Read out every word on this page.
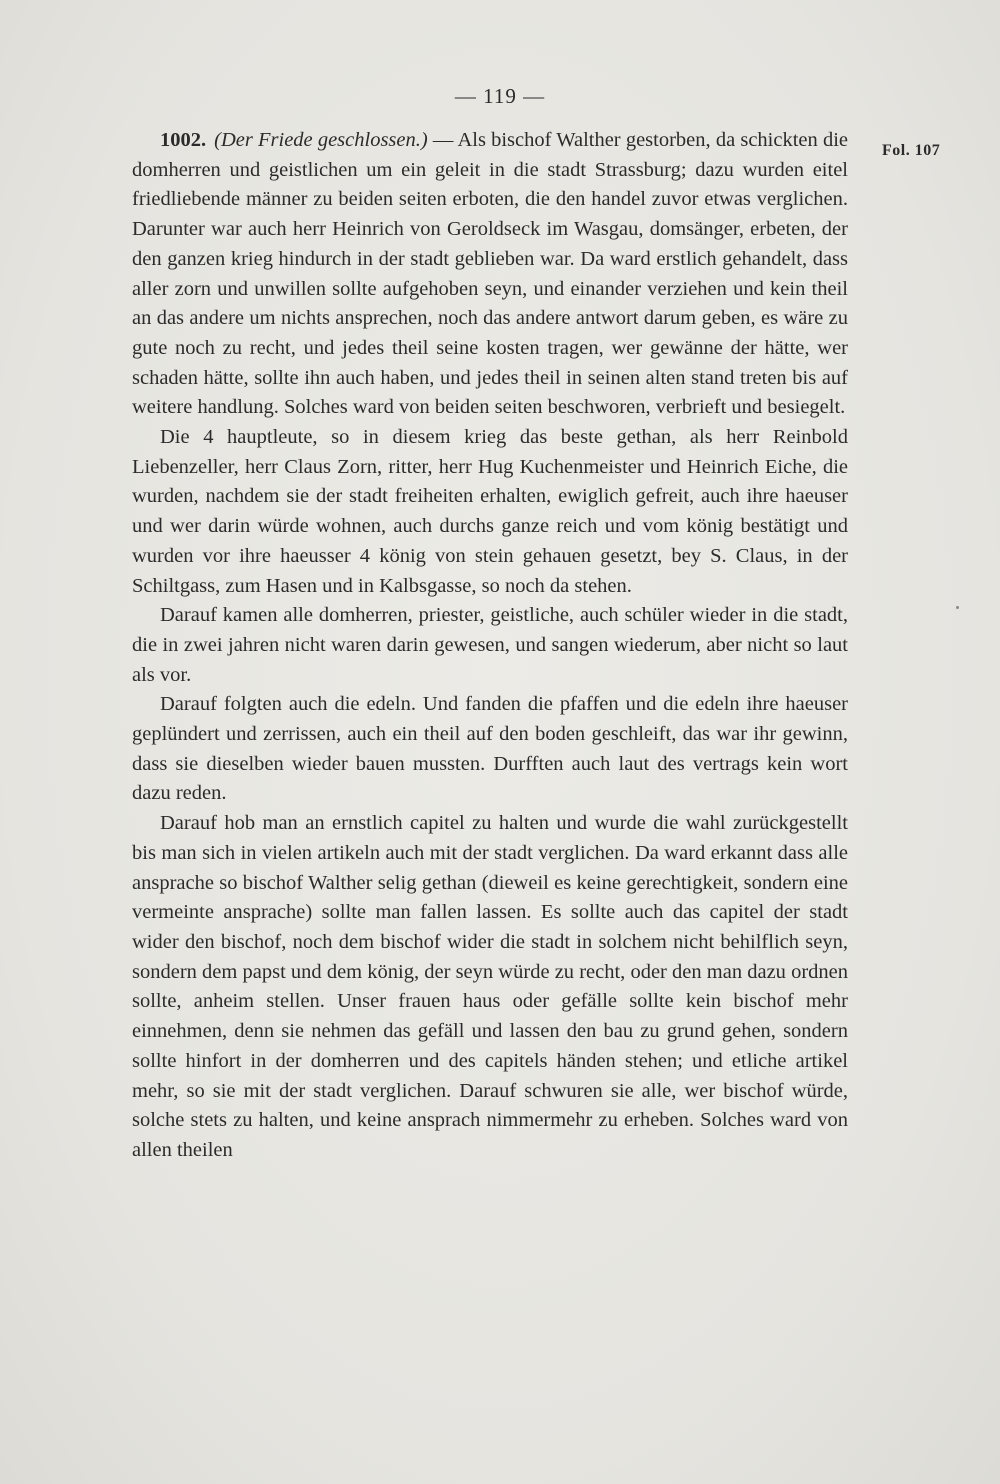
— 119 —
Fol. 107

1002. (Der Friede geschlossen.) — Als bischof Walther gestorben, da schickten die domherren und geistlichen um ein geleit in die stadt Strassburg; dazu wurden eitel friedliebende männer zu beiden seiten erboten, die den handel zuvor etwas verglichen. Darunter war auch herr Heinrich von Geroldseck im Wasgau, domsänger, erbeten, der den ganzen krieg hindurch in der stadt geblieben war. Da ward erstlich gehandelt, dass aller zorn und unwillen sollte aufgehoben seyn, und einander verziehen und kein theil an das andere um nichts ansprechen, noch das andere antwort darum geben, es wäre zu gute noch zu recht, und jedes theil seine kosten tragen, wer gewänne der hätte, wer schaden hätte, sollte ihn auch haben, und jedes theil in seinen alten stand treten bis auf weitere handlung. Solches ward von beiden seiten beschworen, verbrieft und besiegelt.

Die 4 hauptleute, so in diesem krieg das beste gethan, als herr Reinbold Liebenzeller, herr Claus Zorn, ritter, herr Hug Kuchenmeister und Heinrich Eiche, die wurden, nachdem sie der stadt freiheiten erhalten, ewiglich gefreit, auch ihre haeuser und wer darin würde wohnen, auch durchs ganze reich und vom könig bestätigt und wurden vor ihre haeusser 4 könig von stein gehauen gesetzt, bey S. Claus, in der Schiltgass, zum Hasen und in Kalbsgasse, so noch da stehen.

Darauf kamen alle domherren, priester, geistliche, auch schüler wieder in die stadt, die in zwei jahren nicht waren darin gewesen, und sangen wiederum, aber nicht so laut als vor.

Darauf folgten auch die edeln. Und fanden die pfaffen und die edeln ihre haeuser geplündert und zerrissen, auch ein theil auf den boden geschleift, das war ihr gewinn, dass sie dieselben wieder bauen mussten. Durfften auch laut des vertrags kein wort dazu reden.

Darauf hob man an ernstlich capitel zu halten und wurde die wahl zurückgestellt bis man sich in vielen artikeln auch mit der stadt verglichen. Da ward erkannt dass alle ansprache so bischof Walther selig gethan (dieweil es keine gerechtigkeit, sondern eine vermeinte ansprache) sollte man fallen lassen. Es sollte auch das capitel der stadt wider den bischof, noch dem bischof wider die stadt in solchem nicht behilflich seyn, sondern dem papst und dem könig, der seyn würde zu recht, oder den man dazu ordnen sollte, anheim stellen. Unser frauen haus oder gefälle sollte kein bischof mehr einnehmen, denn sie nehmen das gefäll und lassen den bau zu grund gehen, sondern sollte hinfort in der domherren und des capitels händen stehen; und etliche artikel mehr, so sie mit der stadt verglichen. Darauf schwuren sie alle, wer bischof würde, solche stets zu halten, und keine ansprach nimmermehr zu erheben. Solches ward von allen theilen
